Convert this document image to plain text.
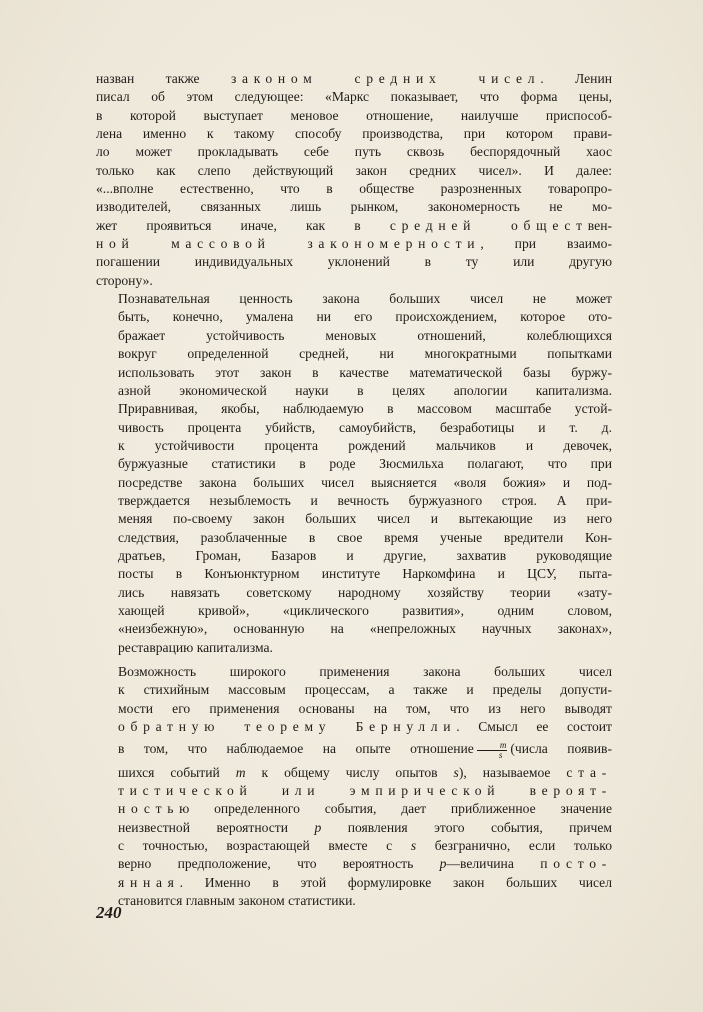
назван также законом средних чисел. Ленин
писал об этом следующее: «Маркс показывает, что форма цены,
в которой выступает меновое отношение, наилучше приспособ-
лена именно к такому способу производства, при котором прави-
ло может прокладывать себе путь сквозь беспорядочный хаос
только как слепо действующий закон средних чисел». И далее:
«...вполне естественно, что в обществе разрозненных товаропро-
изводителей, связанных лишь рынком, закономерность не мо-
жет проявиться иначе, как в средней обществен-
ной массовой закономерности, при взаимо-
погашении индивидуальных уклонений в ту или другую
сторону».

Познавательная ценность закона больших чисел не может
быть, конечно, умалена ни его происхождением, которое ото-
бражает устойчивость меновых отношений, колеблющихся
вокруг определенной средней, ни многократными попытками
использовать этот закон в качестве математической базы буржу-
азной экономической науки в целях апологии капитализма.
Приравнивая, якобы, наблюдаемую в массовом масштабе устой-
чивость процента убийств, самоубийств, безработицы и т. д.
к устойчивости процента рождений мальчиков и девочек,
буржуазные статистики в роде Зюсмильха полагают, что при
посредстве закона больших чисел выясняется «воля божия» и под-
тверждается незыблемость и вечность буржуазного строя. А при-
меняя по-своему закон больших чисел и вытекающие из него
следствия, разоблаченные в свое время ученые вредители Кон-
дратьев, Громан, Базаров и другие, захватив руководящие
посты в Конъюнктурном институте Наркомфина и ЦСУ, пыта-
лись навязать советскому народному хозяйству теории «зату-
хающей кривой», «циклического развития», одним словом,
«неизбежную», основанную на «непреложных научных законах»,
реставрацию капитализма.

Возможность широкого применения закона больших чисел
к стихийным массовым процессам, а также и пределы допусти-
мости его применения основаны на том, что из него выводят
обратную теорему Бернулли. Смысл ее состоит
в том, что наблюдаемое на опыте отношение $\frac{m}{s}$ (числа появив-
шихся событий m к общему числу опытов s), называемое ста-
тистической или эмпирической вероят-
ностью определенного события, дает приближенное значение
неизвестной вероятности p появления этого события, причем
с точностью, возрастающей вместе с s безгранично, если только
верно предположение, что вероятность p—величина посто-
янная. Именно в этой формулировке закон больших чисел
становится главным законом статистики.

240
